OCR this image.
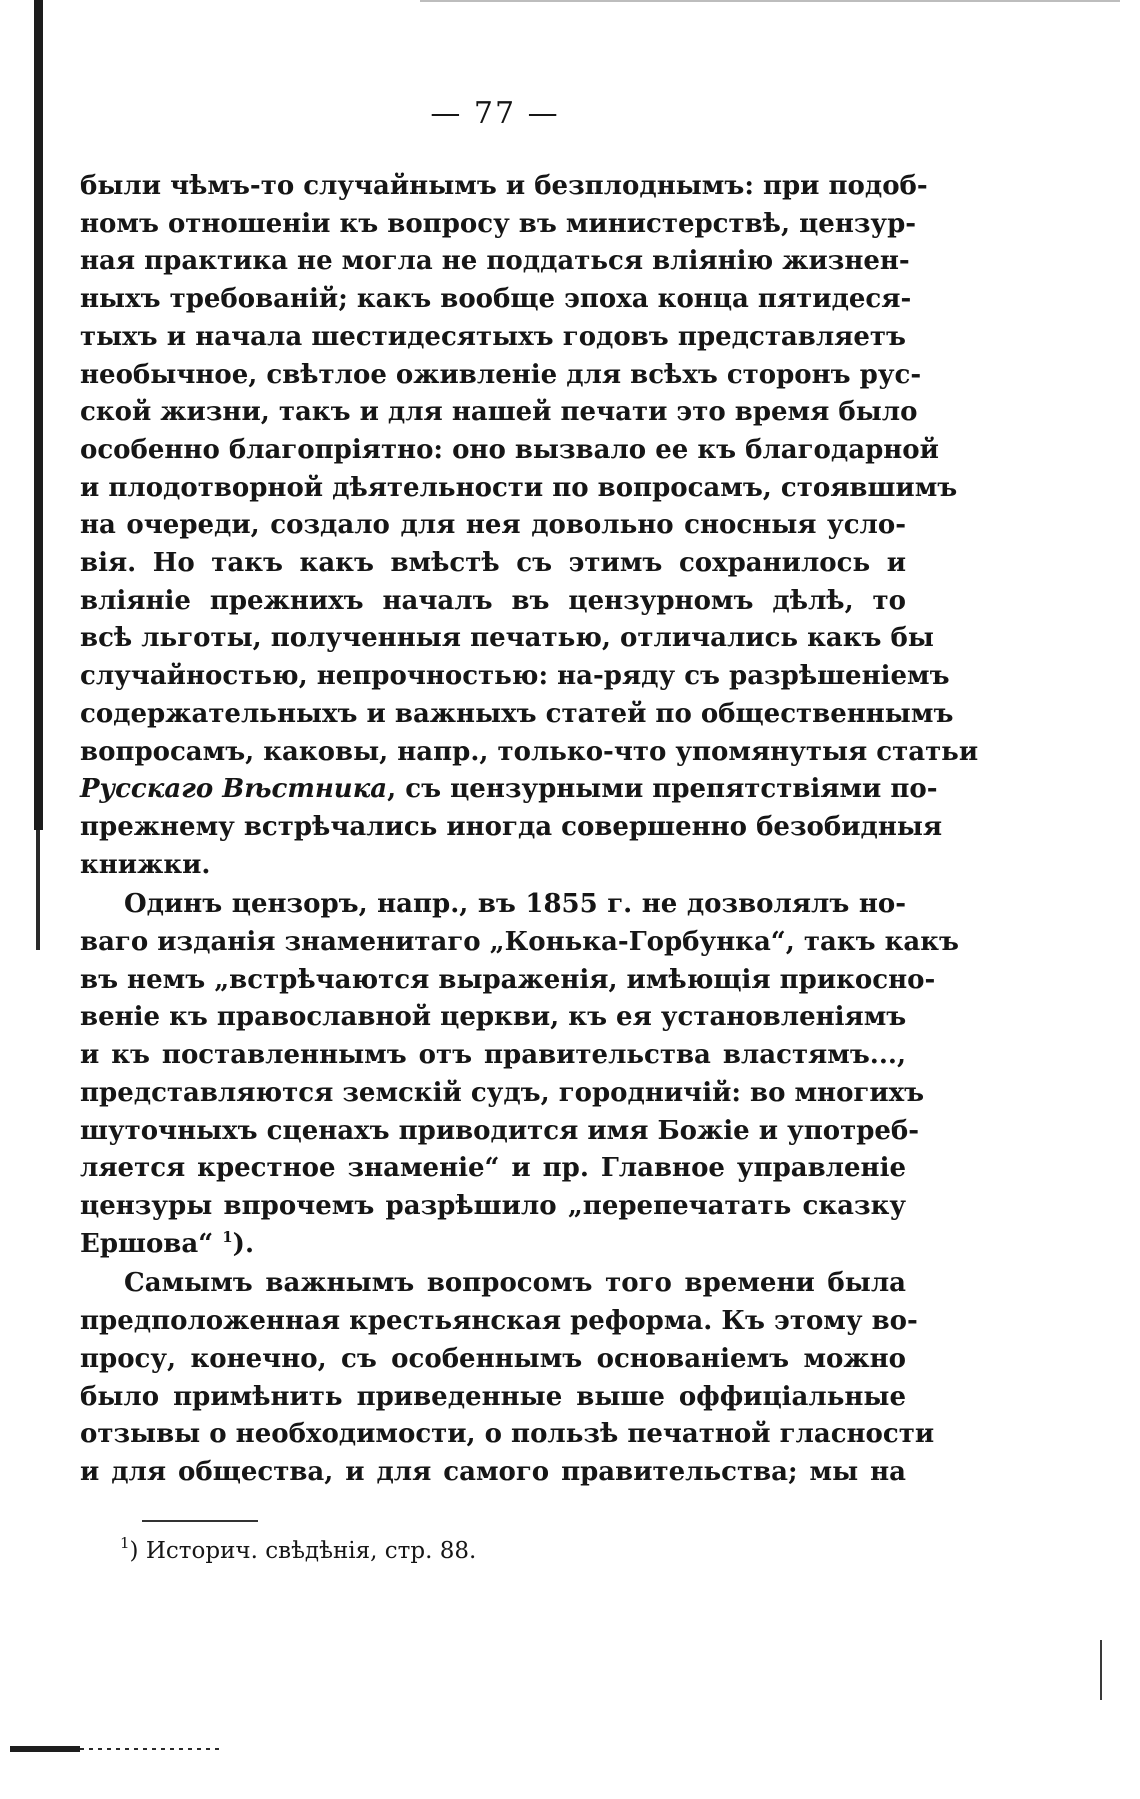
— 77 —
были чѣмъ-то случайнымъ и безплоднымъ: при подоб-
номъ отношеніи къ вопросу въ министерствѣ, цензур-
ная практика не могла не поддаться вліянію жизнен-
ныхъ требованій; какъ вообще эпоха конца пятидеся-
тыхъ и начала шестидесятыхъ годовъ представляетъ
необычное, свѣтлое оживленіе для всѣхъ сторонъ рус-
ской жизни, такъ и для нашей печати это время было
особенно благопріятно: оно вызвало ее къ благодарной
и плодотворной дѣятельности по вопросамъ, стоявшимъ
на очереди, создало для нея довольно сносныя усло-
вія. Но такъ какъ вмѣстѣ съ этимъ сохранилось и
вліяніе прежнихъ началъ въ цензурномъ дѣлѣ, то
всѣ льготы, полученныя печатью, отличались какъ бы
случайностью, непрочностью: на-ряду съ разрѣшеніемъ
содержательныхъ и важныхъ статей по общественнымъ
вопросамъ, каковы, напр., только-что упомянутыя статьи
Русскаго Вѣстника, съ цензурными препятствіями по-
прежнему встрѣчались иногда совершенно безобидныя
книжки.
Одинъ цензоръ, напр., въ 1855 г. не дозволялъ но-
ваго изданія знаменитаго „Конька-Горбунка“, такъ какъ
въ немъ „встрѣчаются выраженія, имѣющія прикосно-
веніе къ православной церкви, къ ея установленіямъ
и къ поставленнымъ отъ правительства властямъ...,
представляются земскій судъ, городничій: во многихъ
шуточныхъ сценахъ приводится имя Божіе и употреб-
ляется крестное знаменіе“ и пр. Главное управленіе
цензуры впрочемъ разрѣшило „перепечатать сказку
Ершова“ $^1$).
Самымъ важнымъ вопросомъ того времени была
предположенная крестьянская реформа. Къ этому во-
просу, конечно, съ особеннымъ основаніемъ можно
было примѣнить приведенные выше оффиціальные
отзывы о необходимости, о пользѣ печатной гласности
и для общества, и для самого правительства; мы на
$^1$) Историч. свѣдѣнія, стр. 88.
